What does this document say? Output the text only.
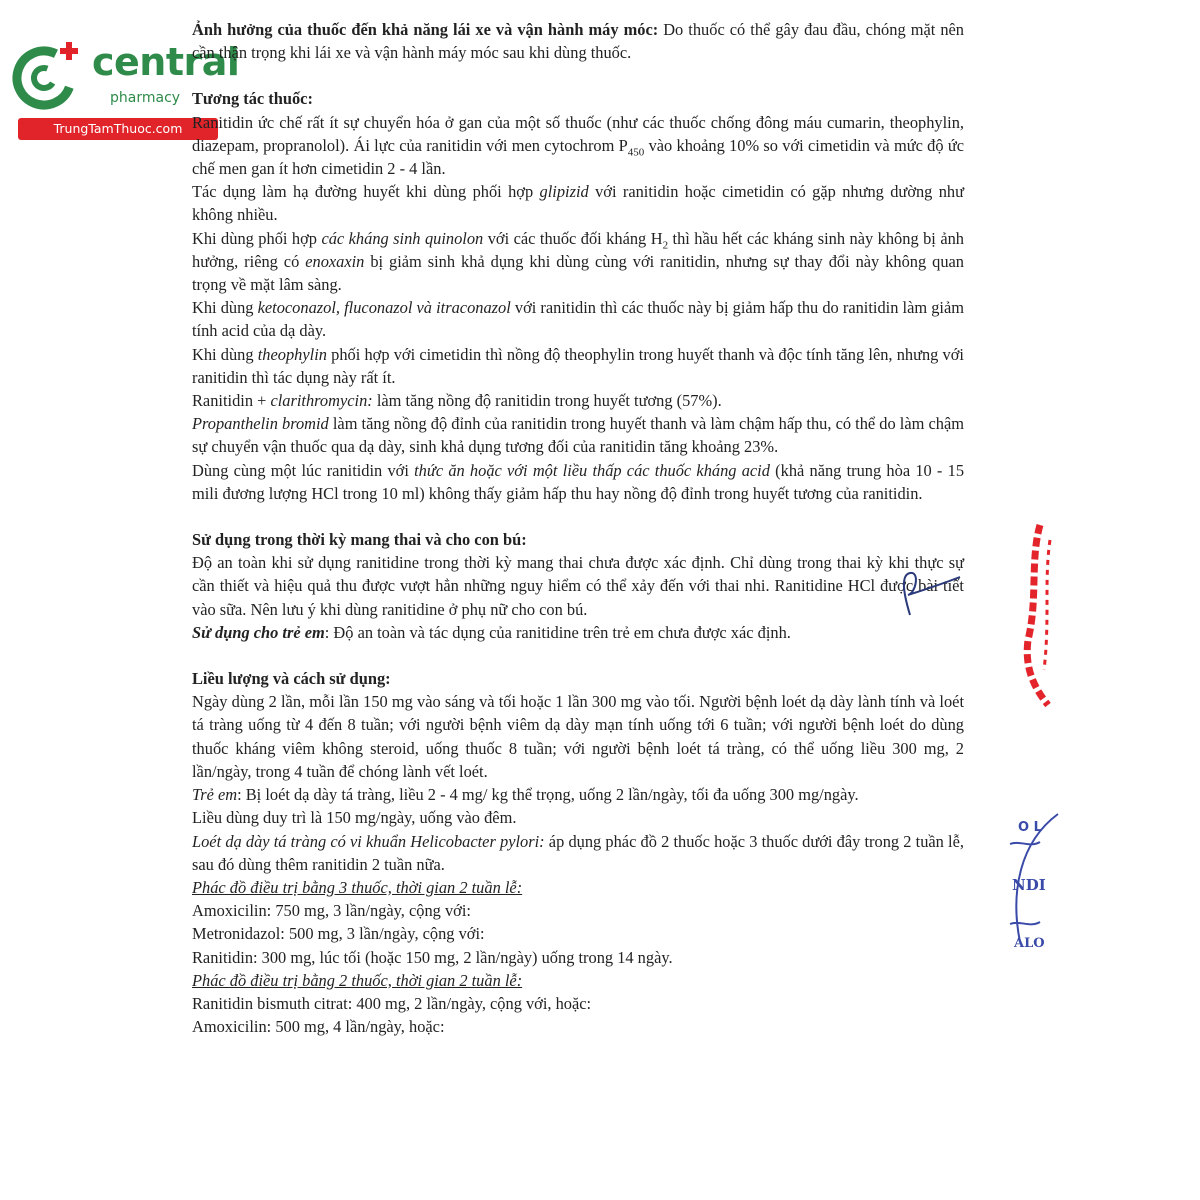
central
pharmacy
TrungTamThuoc.com

Ảnh hưởng của thuốc đến khả năng lái xe và vận hành máy móc: Do thuốc có thể gây đau đầu, chóng mặt nên cần thận trọng khi lái xe và vận hành máy móc sau khi dùng thuốc.

Tương tác thuốc:

Ranitidin ức chế rất ít sự chuyển hóa ở gan của một số thuốc (như các thuốc chống đông máu cumarin, theophylin, diazepam, propranolol). Ái lực của ranitidin với men cytochrom $P_{450}$ vào khoảng 10% so với cimetidin và mức độ ức chế men gan ít hơn cimetidin 2 - 4 lần.

Tác dụng làm hạ đường huyết khi dùng phối hợp glipizid với ranitidin hoặc cimetidin có gặp nhưng dường như không nhiều.

Khi dùng phối hợp các kháng sinh quinolon với các thuốc đối kháng $H_2$ thì hầu hết các kháng sinh này không bị ảnh hưởng, riêng có enoxaxin bị giảm sinh khả dụng khi dùng cùng với ranitidin, nhưng sự thay đổi này không quan trọng về mặt lâm sàng.

Khi dùng ketoconazol, fluconazol và itraconazol với ranitidin thì các thuốc này bị giảm hấp thu do ranitidin làm giảm tính acid của dạ dày.

Khi dùng theophylin phối hợp với cimetidin thì nồng độ theophylin trong huyết thanh và độc tính tăng lên, nhưng với ranitidin thì tác dụng này rất ít.

Ranitidin + clarithromycin: làm tăng nồng độ ranitidin trong huyết tương (57%).

Propanthelin bromid làm tăng nồng độ đỉnh của ranitidin trong huyết thanh và làm chậm hấp thu, có thể do làm chậm sự chuyển vận thuốc qua dạ dày, sinh khả dụng tương đối của ranitidin tăng khoảng 23%.

Dùng cùng một lúc ranitidin với thức ăn hoặc với một liều thấp các thuốc kháng acid (khả năng trung hòa 10 - 15 mili đương lượng HCl trong 10 ml) không thấy giảm hấp thu hay nồng độ đỉnh trong huyết tương của ranitidin.

Sử dụng trong thời kỳ mang thai và cho con bú:

Độ an toàn khi sử dụng ranitidine trong thời kỳ mang thai chưa được xác định. Chỉ dùng trong thai kỳ khi thực sự cần thiết và hiệu quả thu được vượt hẳn những nguy hiểm có thể xảy đến với thai nhi. Ranitidine HCl được bài tiết vào sữa. Nên lưu ý khi dùng ranitidine ở phụ nữ cho con bú.

Sử dụng cho trẻ em: Độ an toàn và tác dụng của ranitidine trên trẻ em chưa được xác định.

Liều lượng và cách sử dụng:

Ngày dùng 2 lần, mỗi lần 150 mg vào sáng và tối hoặc 1 lần 300 mg vào tối. Người bệnh loét dạ dày lành tính và loét tá tràng uống từ 4 đến 8 tuần; với người bệnh viêm dạ dày mạn tính uống tới 6 tuần; với người bệnh loét do dùng thuốc kháng viêm không steroid, uống thuốc 8 tuần; với người bệnh loét tá tràng, có thể uống liều 300 mg, 2 lần/ngày, trong 4 tuần để chóng lành vết loét.

Trẻ em: Bị loét dạ dày tá tràng, liều 2 - 4 mg/ kg thể trọng, uống 2 lần/ngày, tối đa uống 300 mg/ngày.

Liều dùng duy trì là 150 mg/ngày, uống vào đêm.

Loét dạ dày tá tràng có vi khuẩn Helicobacter pylori: áp dụng phác đồ 2 thuốc hoặc 3 thuốc dưới đây trong 2 tuần lễ, sau đó dùng thêm ranitidin 2 tuần nữa.

Phác đồ điều trị bằng 3 thuốc, thời gian 2 tuần lễ:

Amoxicilin: 750 mg, 3 lần/ngày, cộng với:

Metronidazol: 500 mg, 3 lần/ngày, cộng với:

Ranitidin: 300 mg, lúc tối (hoặc 150 mg, 2 lần/ngày) uống trong 14 ngày.

Phác đồ điều trị bằng 2 thuốc, thời gian 2 tuần lễ:

Ranitidin bismuth citrat: 400 mg, 2 lần/ngày, cộng với, hoặc:

Amoxicilin: 500 mg, 4 lần/ngày, hoặc:

O L
NDI
ALO
